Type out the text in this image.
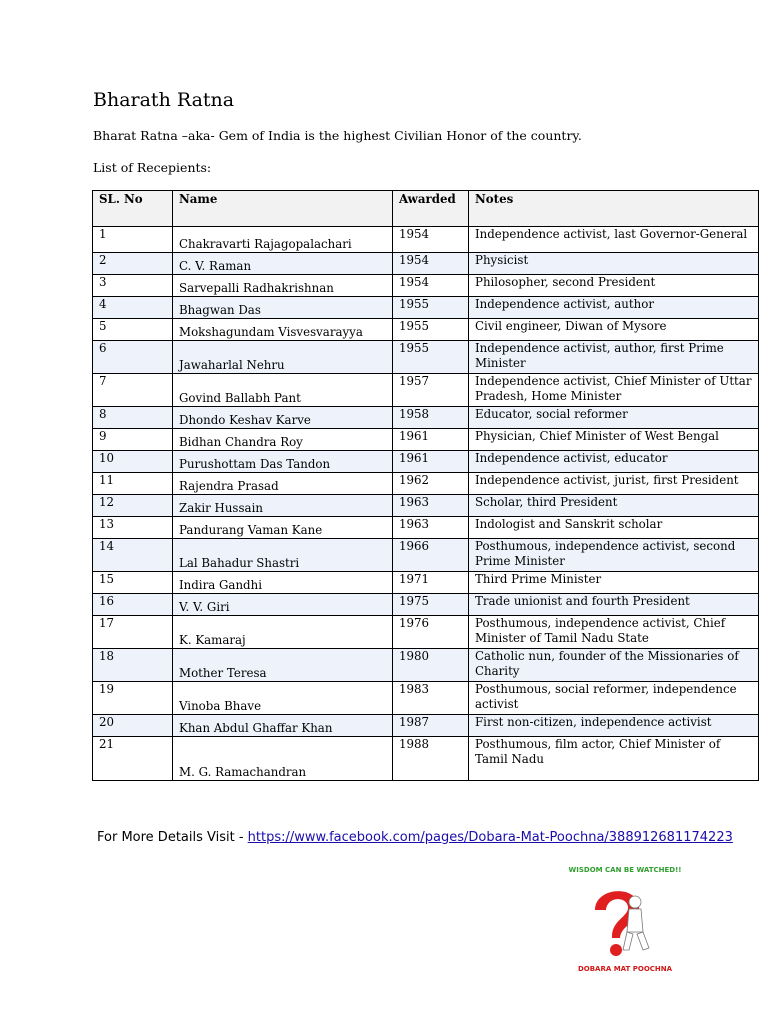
Bharath Ratna
Bharat Ratna –aka- Gem of India is the highest Civilian Honor of the country.
List of Recepients:
SL. No	Name	Awarded	Notes
1	Chakravarti Rajagopalachari	1954	Independence activist, last Governor-General
2	C. V. Raman	1954	Physicist
3	Sarvepalli Radhakrishnan	1954	Philosopher, second President
4	Bhagwan Das	1955	Independence activist, author
5	Mokshagundam Visvesvarayya	1955	Civil engineer, Diwan of Mysore
6	Jawaharlal Nehru	1955	Independence activist, author, first Prime Minister
7	Govind Ballabh Pant	1957	Independence activist, Chief Minister of Uttar Pradesh, Home Minister
8	Dhondo Keshav Karve	1958	Educator, social reformer
9	Bidhan Chandra Roy	1961	Physician, Chief Minister of West Bengal
10	Purushottam Das Tandon	1961	Independence activist, educator
11	Rajendra Prasad	1962	Independence activist, jurist, first President
12	Zakir Hussain	1963	Scholar, third President
13	Pandurang Vaman Kane	1963	Indologist and Sanskrit scholar
14	Lal Bahadur Shastri	1966	Posthumous, independence activist, second Prime Minister
15	Indira Gandhi	1971	Third Prime Minister
16	V. V. Giri	1975	Trade unionist and fourth President
17	K. Kamaraj	1976	Posthumous, independence activist, Chief Minister of Tamil Nadu State
18	Mother Teresa	1980	Catholic nun, founder of the Missionaries of Charity
19	Vinoba Bhave	1983	Posthumous, social reformer, independence activist
20	Khan Abdul Ghaffar Khan	1987	First non-citizen, independence activist
21	M. G. Ramachandran	1988	Posthumous, film actor, Chief Minister of Tamil Nadu
For More Details Visit - https://www.facebook.com/pages/Dobara-Mat-Poochna/388912681174223
WISDOM CAN BE WATCHED!!
DOBARA MAT POOCHNA
